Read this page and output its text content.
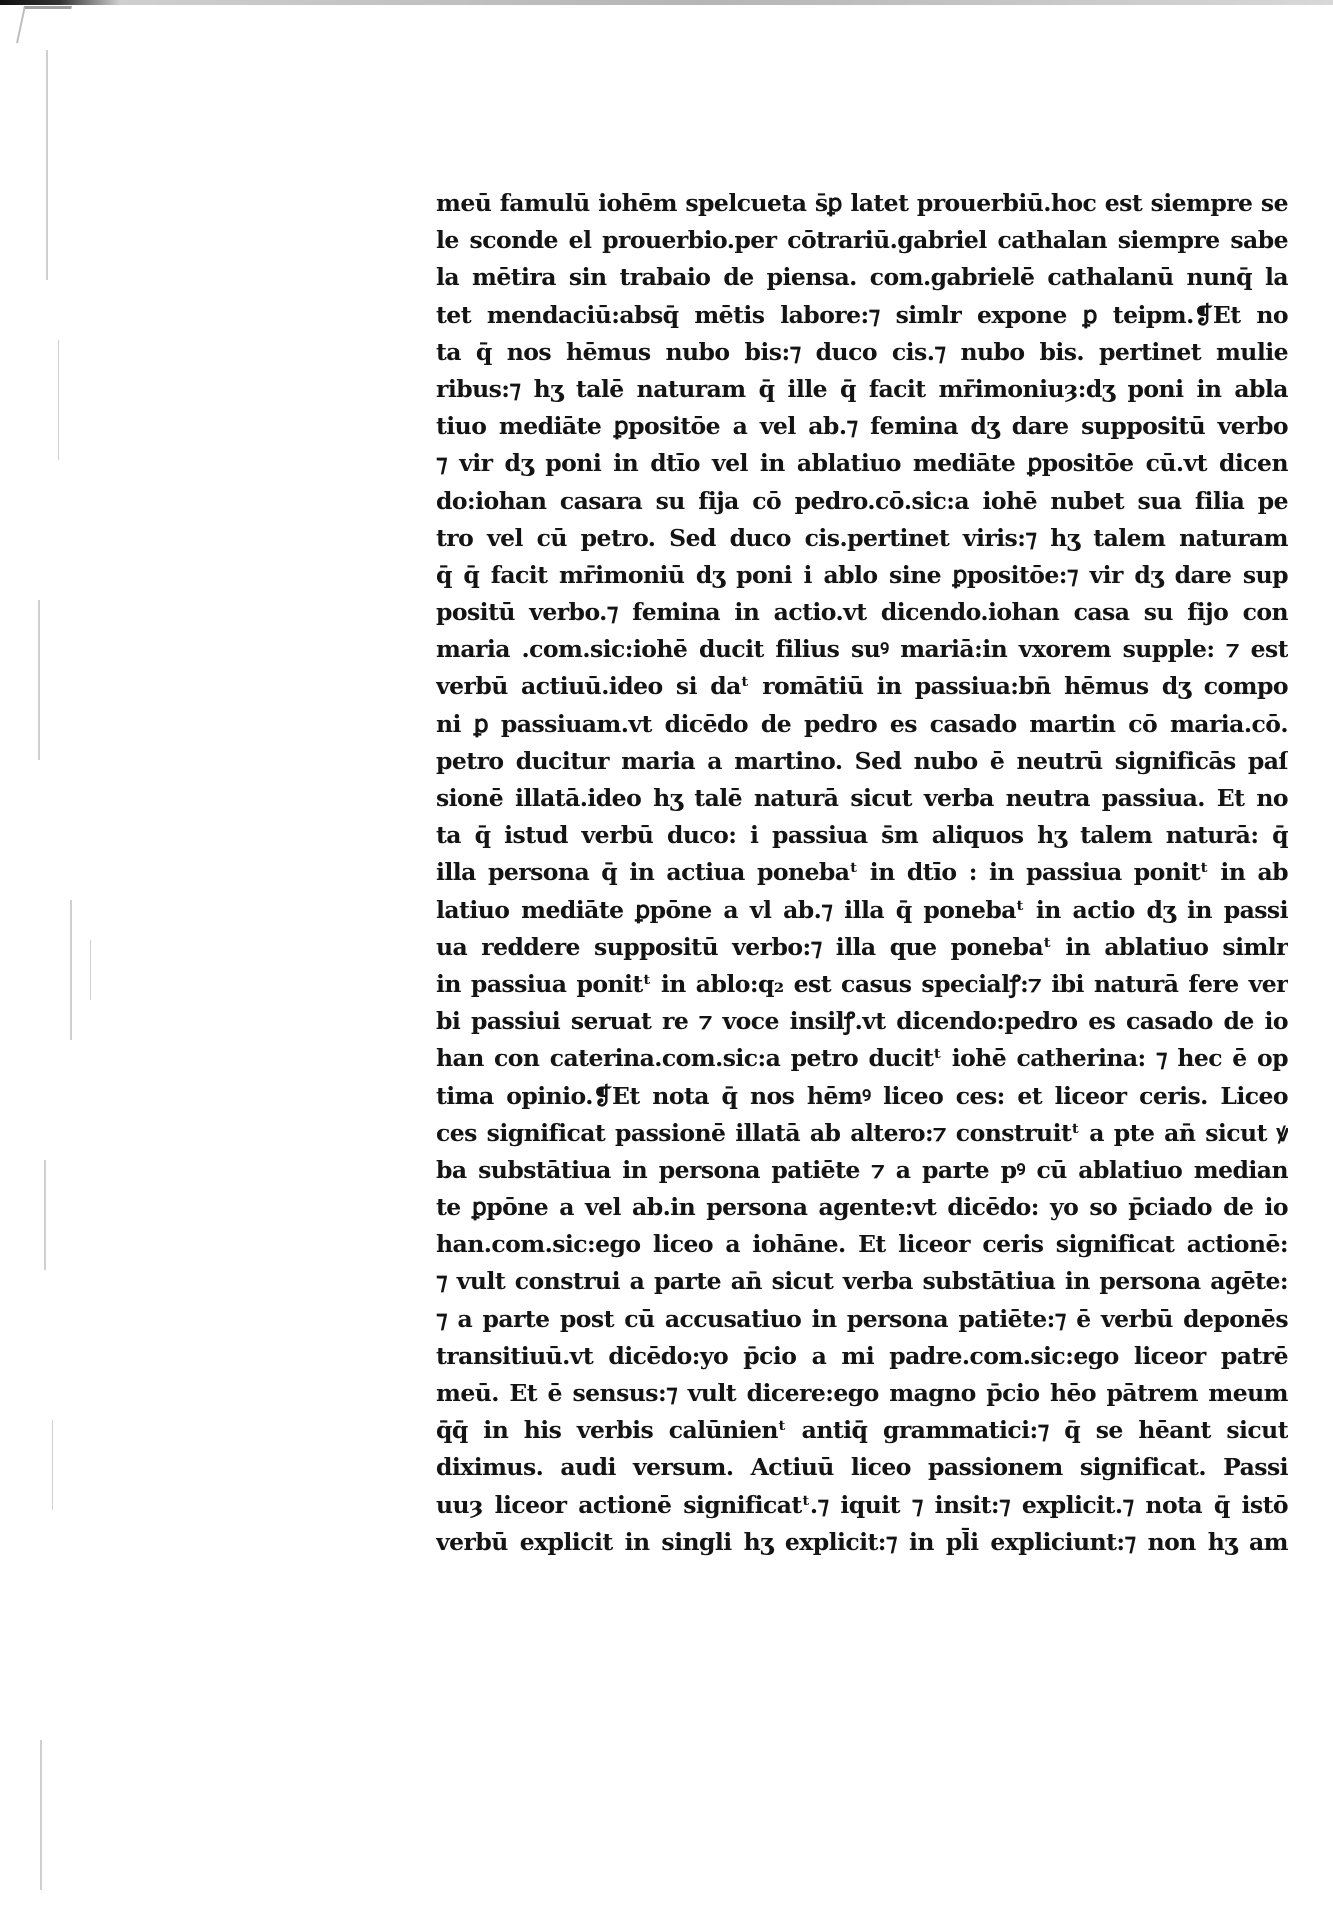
meū famulū iohēm spelcueta s̄ꝑ latet prouerbiū.hoc est siempre se
le sconde el prouerbio.per cōtrariū.gabriel cathalan siempre sabe
la mētira sin trabaio de piensa. com.gabrielē cathalanū nunq̄ la
tet mendaciū:absq̄ mētis labore:⁊ simlr expone ꝑ teipm.❡Et no
ta q̄ nos hēmus nubo bis:⁊ duco cis.⁊ nubo bis. pertinet mulie
ribus:⁊ hʒ talē naturam q̄ ille q̄ facit mr̄imoniuȝ:dʒ poni in abla
tiuo mediāte ꝑpositōe a vel ab.⁊ femina dʒ dare suppositū verbo
⁊ vir dʒ poni in dtīo vel in ablatiuo mediāte ꝑpositōe cū.vt dicen
do:iohan casara su fija cō pedro.cō.sic:a iohē nubet sua filia pe
tro vel cū petro. Sed duco cis.pertinet viris:⁊ hʒ talem naturam
q̄ q̄ facit mr̄imoniū dʒ poni i ablo sine ꝑpositōe:⁊ vir dʒ dare sup
positū verbo.⁊ femina in actio.vt dicendo.iohan casa su fijo con
maria .com.sic:iohē ducit filius suꝰ mariā:in vxorem supple: ⁊ est
verbū actiuū.ideo si daᵗ romātiū in passiua:bn̄ hēmus dʒ compo
ni ꝑ passiuam.vt dicēdo de pedro es casado martin cō maria.cō.
petro ducitur maria a martino. Sed nubo ē neutrū significās paſ
sionē illatā.ideo hʒ talē naturā sicut verba neutra passiua. Et no
ta q̄ istud verbū duco: i passiua s̄m aliquos hʒ talem naturā: q̄
illa persona q̄ in actiua ponebaᵗ in dtīo : in passiua ponitᵗ in ab
latiuo mediāte ꝑpōne a vl ab.⁊ illa q̄ ponebaᵗ in actio dʒ in passi
ua reddere suppositū verbo:⁊ illa que ponebaᵗ in ablatiuo simlr
in passiua ponitᵗ in ablo:q₂ est casus specialꝭ:⁊ ibi naturā fere ver
bi passiui seruat re ⁊ voce insilꝭ.vt dicendo:pedro es casado de io
han con caterina.com.sic:a petro ducitᵗ iohē catherina: ⁊ hec ē op
tima opinio.❡Et nota q̄ nos hēmꝰ liceo ces: et liceor ceris. Liceo
ces significat passionē illatā ab altero:⁊ construitᵗ a pte an̄ sicut ꝟ
ba substātiua in persona patiēte ⁊ a parte pꝰ cū ablatiuo median
te ꝑpōne a vel ab.in persona agente:vt dicēdo: yo so p̄ciado de io
han.com.sic:ego liceo a iohāne. Et liceor ceris significat actionē:
⁊ vult construi a parte an̄ sicut verba substātiua in persona agēte:
⁊ a parte post cū accusatiuo in persona patiēte:⁊ ē verbū deponēs
transitiuū.vt dicēdo:yo p̄cio a mi padre.com.sic:ego liceor patrē
meū. Et ē sensus:⁊ vult dicere:ego magno p̄cio hēo pātrem meum
q̄q̄ in his verbis calūnienᵗ antiq̄ grammatici:⁊ q̄ se hēant sicut
diximus. audi versum. Actiuū liceo passionem significat. Passi
uuȝ liceor actionē significatᵗ.⁊ iquit ⁊ insit:⁊ explicit.⁊ nota q̄ istō
verbū explicit in singli hʒ explicit:⁊ in pl̄i expliciunt:⁊ non hʒ am
